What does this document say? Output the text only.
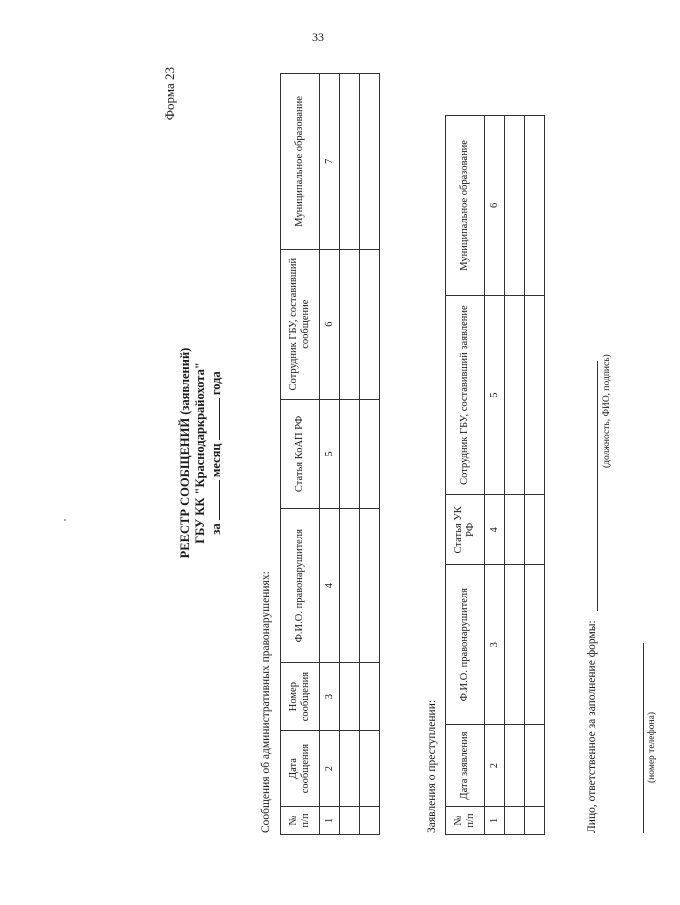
33
Форма 23
РЕЕСТР СООБЩЕНИЙ (заявлений) ГБУ КК "Краснодаркрайохота" за  месяц  года
Сообщения об административных правонарушениях: № п/п	Дата сообщения	Номер сообщения	Ф.И.О. правонарушителя	Статья КоАП РФ	Сотрудник ГБУ, составивший сообщение	Муниципальное образование
1	2	3	4	5	6	7

Заявления о преступлении: № п/п	Дата заявления	Ф.И.О. правонарушителя	Статья УК РФ	Сотрудник ГБУ, составивший заявление	Муниципальное образование
1	2	3	4	5	6

Лицо, ответственное за заполнение формы:
(должность, ФИО, подпись)
(номер телефона)
